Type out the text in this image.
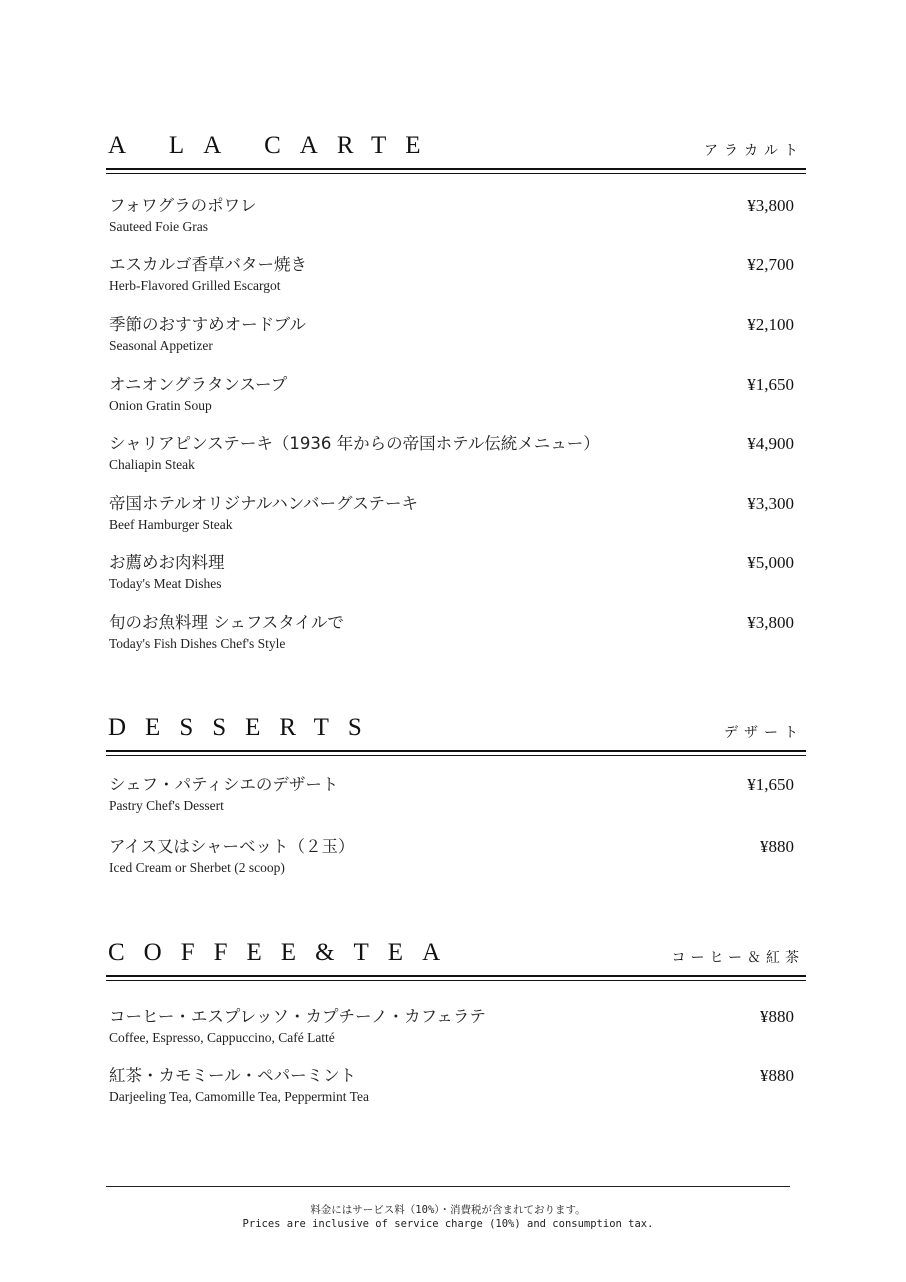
A LA CARTE	アラカルト
フォワグラのポワレ
Sauteed Foie Gras
¥3,800
エスカルゴ香草バター焼き
Herb-Flavored Grilled Escargot
¥2,700
季節のおすすめオードブル
Seasonal Appetizer
¥2,100
オニオングラタンスープ
Onion Gratin Soup
¥1,650
シャリアピンステーキ（1936 年からの帝国ホテル伝統メニュー）
Chaliapin Steak
¥4,900
帝国ホテルオリジナルハンバーグステーキ
Beef Hamburger Steak
¥3,300
お薦めお肉料理
Today's Meat Dishes
¥5,000
旬のお魚料理 シェフスタイルで
Today's Fish Dishes Chef's Style
¥3,800
DESSERTS	デザート
シェフ・パティシエのデザート
Pastry Chef's Dessert
¥1,650
アイス又はシャーベット（２玉）
Iced Cream or Sherbet (2 scoop)
¥880
COFFEE&TEA	コーヒー＆紅茶
コーヒー・エスプレッソ・カプチーノ・カフェラテ
Coffee, Espresso, Cappuccino, Café Latté
¥880
紅茶・カモミール・ペパーミント
Darjeeling Tea, Camomille Tea, Peppermint Tea
¥880
料金にはサービス料（10%）・消費税が含まれております。
Prices are inclusive of service charge (10%) and consumption tax.
